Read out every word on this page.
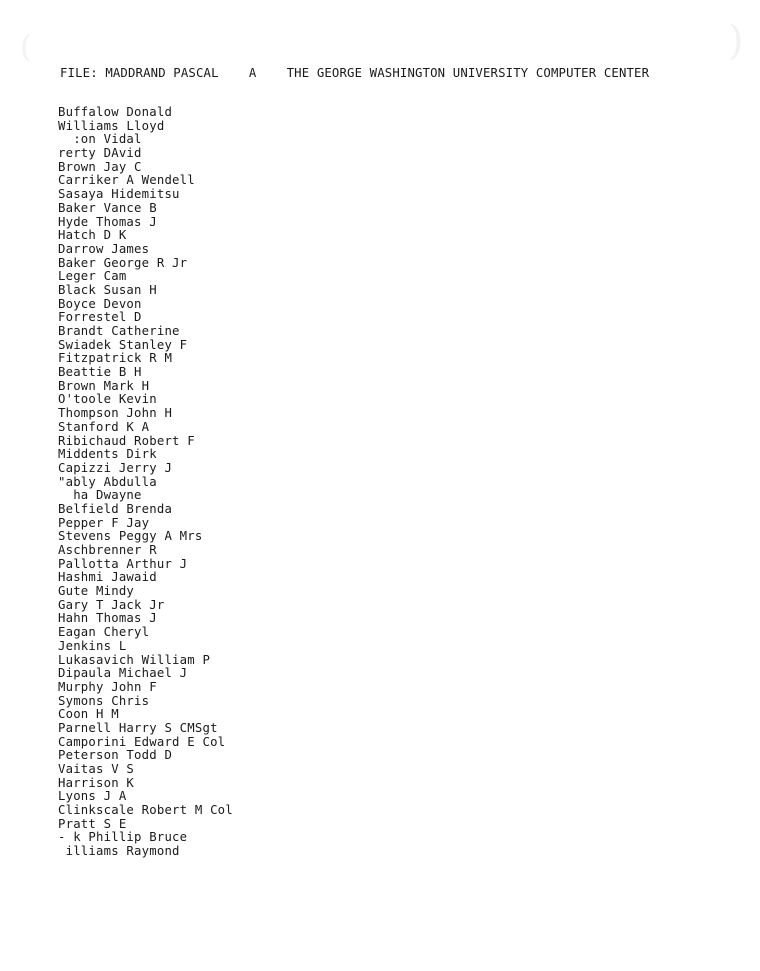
)
(
FILE: MADDRAND PASCAL    A    THE GEORGE WASHINGTON UNIVERSITY COMPUTER CENTER
Buffalow Donald
Williams Lloyd
:on Vidal
rerty DAvid
Brown Jay C
Carriker A Wendell
Sasaya Hidemitsu
Baker Vance B
Hyde Thomas J
Hatch D K
Darrow James
Baker George R Jr
Leger Cam
Black Susan H
Boyce Devon
Forrestel D
Brandt Catherine
Swiadek Stanley F
Fitzpatrick R M
Beattie B H
Brown Mark H
O'toole Kevin
Thompson John H
Stanford K A
Ribichaud Robert F
Middents Dirk
Capizzi Jerry J
"ably Abdulla
ha Dwayne
Belfield Brenda
Pepper F Jay
Stevens Peggy A Mrs
Aschbrenner R
Pallotta Arthur J
Hashmi Jawaid
Gute Mindy
Gary T Jack Jr
Hahn Thomas J
Eagan Cheryl
Jenkins L
Lukasavich William P
Dipaula Michael J
Murphy John F
Symons Chris
Coon H M
Parnell Harry S CMSgt
Camporini Edward E Col
Peterson Todd D
Vaitas V S
Harrison K
Lyons J A
Clinkscale Robert M Col
Pratt S E
- k Phillip Bruce
illiams Raymond
